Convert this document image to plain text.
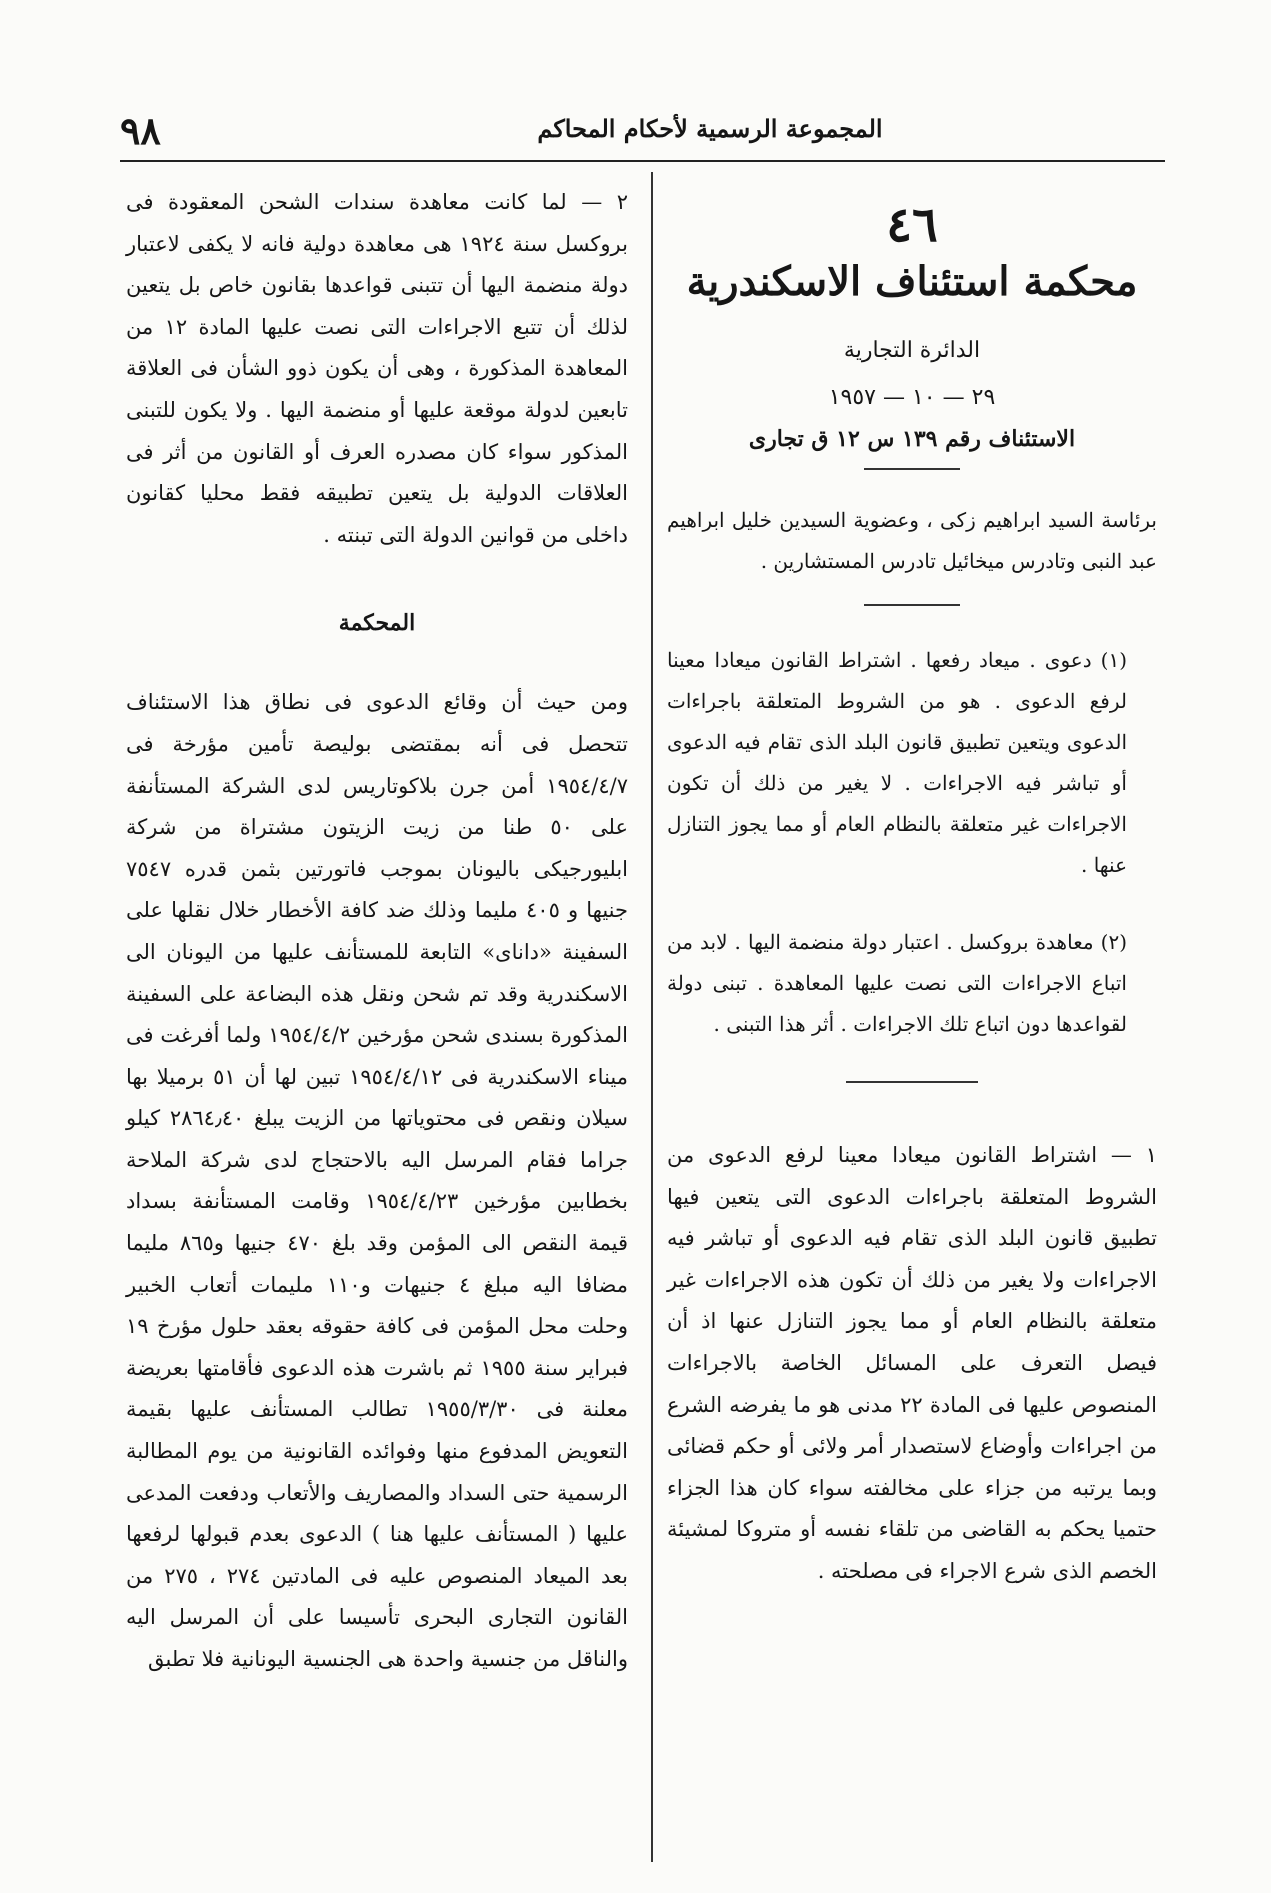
٩٨	المجموعة الرسمية لأحكام المحاكم
٤٦
محكمة استئناف الاسكندرية
الدائرة التجارية
٢٩ — ١٠ — ١٩٥٧
الاستئناف رقم ١٣٩ س ١٢ ق تجارى

برئاسة السيد ابراهيم زكى ، وعضوية السيدين خليل ابراهيم عبد النبى وتادرس ميخائيل تادرس المستشارين .

(١) دعوى . ميعاد رفعها . اشتراط القانون ميعادا معينا لرفع الدعوى . هو من الشروط المتعلقة باجراءات الدعوى ويتعين تطبيق قانون البلد الذى تقام فيه الدعوى أو تباشر فيه الاجراءات . لا يغير من ذلك أن تكون الاجراءات غير متعلقة بالنظام العام أو مما يجوز التنازل عنها .

(٢) معاهدة بروكسل . اعتبار دولة منضمة اليها . لابد من اتباع الاجراءات التى نصت عليها المعاهدة . تبنى دولة لقواعدها دون اتباع تلك الاجراءات . أثر هذا التبنى .

١ — اشتراط القانون ميعادا معينا لرفع الدعوى من الشروط المتعلقة باجراءات الدعوى التى يتعين فيها تطبيق قانون البلد الذى تقام فيه الدعوى أو تباشر فيه الاجراءات ولا يغير من ذلك أن تكون هذه الاجراءات غير متعلقة بالنظام العام أو مما يجوز التنازل عنها اذ أن فيصل التعرف على المسائل الخاصة بالاجراءات المنصوص عليها فى المادة ٢٢ مدنى هو ما يفرضه الشرع من اجراءات وأوضاع لاستصدار أمر ولائى أو حكم قضائى وبما يرتبه من جزاء على مخالفته سواء كان هذا الجزاء حتميا يحكم به القاضى من تلقاء نفسه أو متروكا لمشيئة الخصم الذى شرع الاجراء فى مصلحته .

٢ — لما كانت معاهدة سندات الشحن المعقودة فى بروكسل سنة ١٩٢٤ هى معاهدة دولية فانه لا يكفى لاعتبار دولة منضمة اليها أن تتبنى قواعدها بقانون خاص بل يتعين لذلك أن تتبع الاجراءات التى نصت عليها المادة ١٢ من المعاهدة المذكورة ، وهى أن يكون ذوو الشأن فى العلاقة تابعين لدولة موقعة عليها أو منضمة اليها . ولا يكون للتبنى المذكور سواء كان مصدره العرف أو القانون من أثر فى العلاقات الدولية بل يتعين تطبيقه فقط محليا كقانون داخلى من قوانين الدولة التى تبنته .

المحكمة

ومن حيث أن وقائع الدعوى فى نطاق هذا الاستئناف تتحصل فى أنه بمقتضى بوليصة تأمين مؤرخة فى ١٩٥٤/٤/٧ أمن جرن بلاكوتاريس لدى الشركة المستأنفة على ٥٠ طنا من زيت الزيتون مشتراة من شركة ابليورجيكى باليونان بموجب فاتورتين بثمن قدره ٧٥٤٧ جنيها و ٤٠٥ مليما وذلك ضد كافة الأخطار خلال نقلها على السفينة «داناى» التابعة للمستأنف عليها من اليونان الى الاسكندرية وقد تم شحن ونقل هذه البضاعة على السفينة المذكورة بسندى شحن مؤرخين ١٩٥٤/٤/٢ ولما أفرغت فى ميناء الاسكندرية فى ١٩٥٤/٤/١٢ تبين لها أن ٥١ برميلا بها سيلان ونقص فى محتوياتها من الزيت يبلغ ٢٨٦٤٫٤٠ كيلو جراما فقام المرسل اليه بالاحتجاج لدى شركة الملاحة بخطابين مؤرخين ١٩٥٤/٤/٢٣ وقامت المستأنفة بسداد قيمة النقص الى المؤمن وقد بلغ ٤٧٠ جنيها و٨٦٥ مليما مضافا اليه مبلغ ٤ جنيهات و١١٠ مليمات أتعاب الخبير وحلت محل المؤمن فى كافة حقوقه بعقد حلول مؤرخ ١٩ فبراير سنة ١٩٥٥ ثم باشرت هذه الدعوى فأقامتها بعريضة معلنة فى ١٩٥٥/٣/٣٠ تطالب المستأنف عليها بقيمة التعويض المدفوع منها وفوائده القانونية من يوم المطالبة الرسمية حتى السداد والمصاريف والأتعاب ودفعت المدعى عليها ( المستأنف عليها هنا ) الدعوى بعدم قبولها لرفعها بعد الميعاد المنصوص عليه فى المادتين ٢٧٤ ، ٢٧٥ من القانون التجارى البحرى تأسيسا على أن المرسل اليه والناقل من جنسية واحدة هى الجنسية اليونانية فلا تطبق
